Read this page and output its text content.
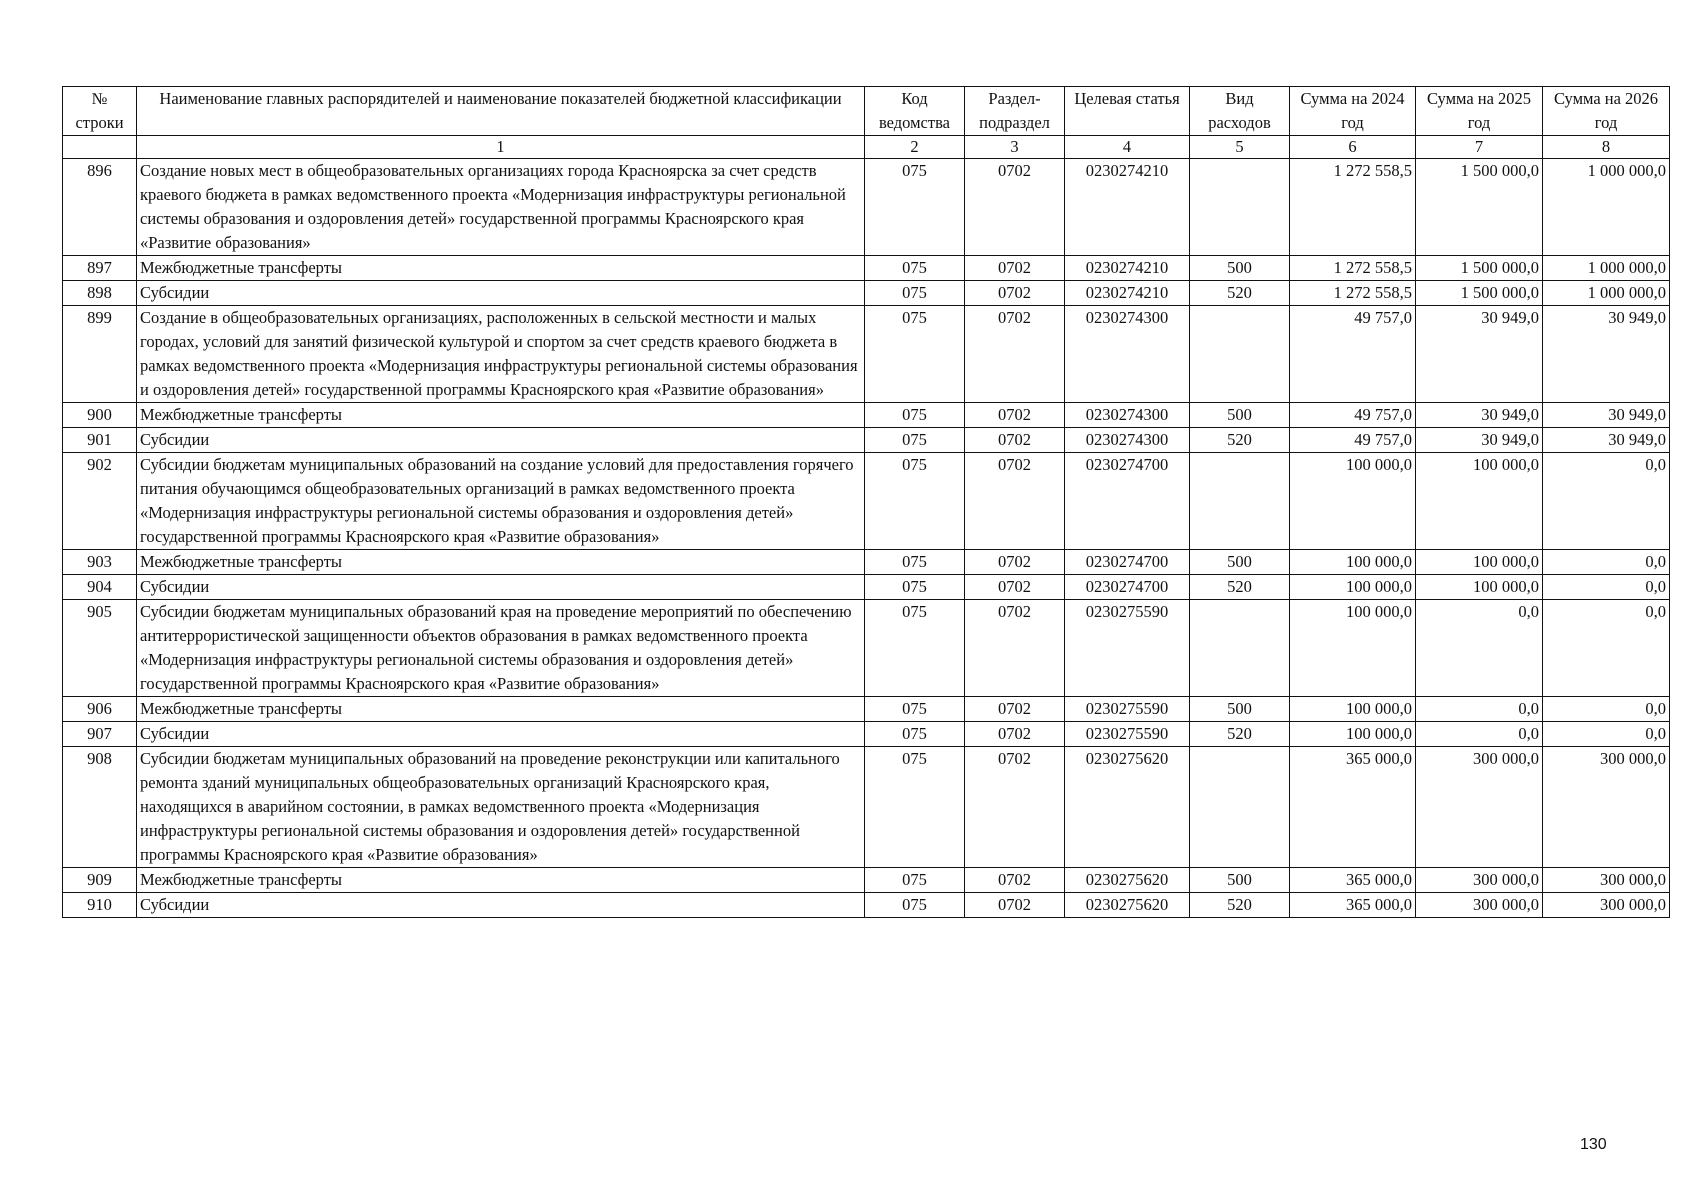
№ строки	Наименование главных распорядителей и наименование показателей бюджетной классификации	Код ведомства	Раздел-подраздел	Целевая статья	Вид расходов	Сумма на 2024 год	Сумма на 2025 год	Сумма на 2026 год
	1	2	3	4	5	6	7	8
896	Создание новых мест в общеобразовательных организациях города Красноярска за счет средств краевого бюджета в рамках ведомственного проекта «Модернизация инфраструктуры региональной системы образования и оздоровления детей» государственной программы Красноярского края «Развитие образования»	075	0702	0230274210		1 272 558,5	1 500 000,0	1 000 000,0
897	Межбюджетные трансферты	075	0702	0230274210	500	1 272 558,5	1 500 000,0	1 000 000,0
898	Субсидии	075	0702	0230274210	520	1 272 558,5	1 500 000,0	1 000 000,0
899	Создание в общеобразовательных организациях, расположенных в сельской местности и малых городах, условий для занятий физической культурой и спортом за счет средств краевого бюджета в рамках ведомственного проекта «Модернизация инфраструктуры региональной системы образования и оздоровления детей» государственной программы Красноярского края «Развитие образования»	075	0702	0230274300		49 757,0	30 949,0	30 949,0
900	Межбюджетные трансферты	075	0702	0230274300	500	49 757,0	30 949,0	30 949,0
901	Субсидии	075	0702	0230274300	520	49 757,0	30 949,0	30 949,0
902	Субсидии бюджетам муниципальных образований на создание условий для предоставления горячего питания обучающимся общеобразовательных организаций в рамках ведомственного проекта «Модернизация инфраструктуры региональной системы образования и оздоровления детей» государственной программы Красноярского края «Развитие образования»	075	0702	0230274700		100 000,0	100 000,0	0,0
903	Межбюджетные трансферты	075	0702	0230274700	500	100 000,0	100 000,0	0,0
904	Субсидии	075	0702	0230274700	520	100 000,0	100 000,0	0,0
905	Субсидии бюджетам муниципальных образований края на проведение мероприятий по обеспечению антитеррористической защищенности объектов образования в рамках ведомственного проекта «Модернизация инфраструктуры региональной системы образования и оздоровления детей» государственной программы Красноярского края «Развитие образования»	075	0702	0230275590		100 000,0	0,0	0,0
906	Межбюджетные трансферты	075	0702	0230275590	500	100 000,0	0,0	0,0
907	Субсидии	075	0702	0230275590	520	100 000,0	0,0	0,0
908	Субсидии бюджетам муниципальных образований на проведение реконструкции или капитального ремонта зданий муниципальных общеобразовательных организаций Красноярского края, находящихся в аварийном состоянии, в рамках ведомственного проекта «Модернизация инфраструктуры региональной системы образования и оздоровления детей» государственной программы Красноярского края «Развитие образования»	075	0702	0230275620		365 000,0	300 000,0	300 000,0
909	Межбюджетные трансферты	075	0702	0230275620	500	365 000,0	300 000,0	300 000,0
910	Субсидии	075	0702	0230275620	520	365 000,0	300 000,0	300 000,0
130
